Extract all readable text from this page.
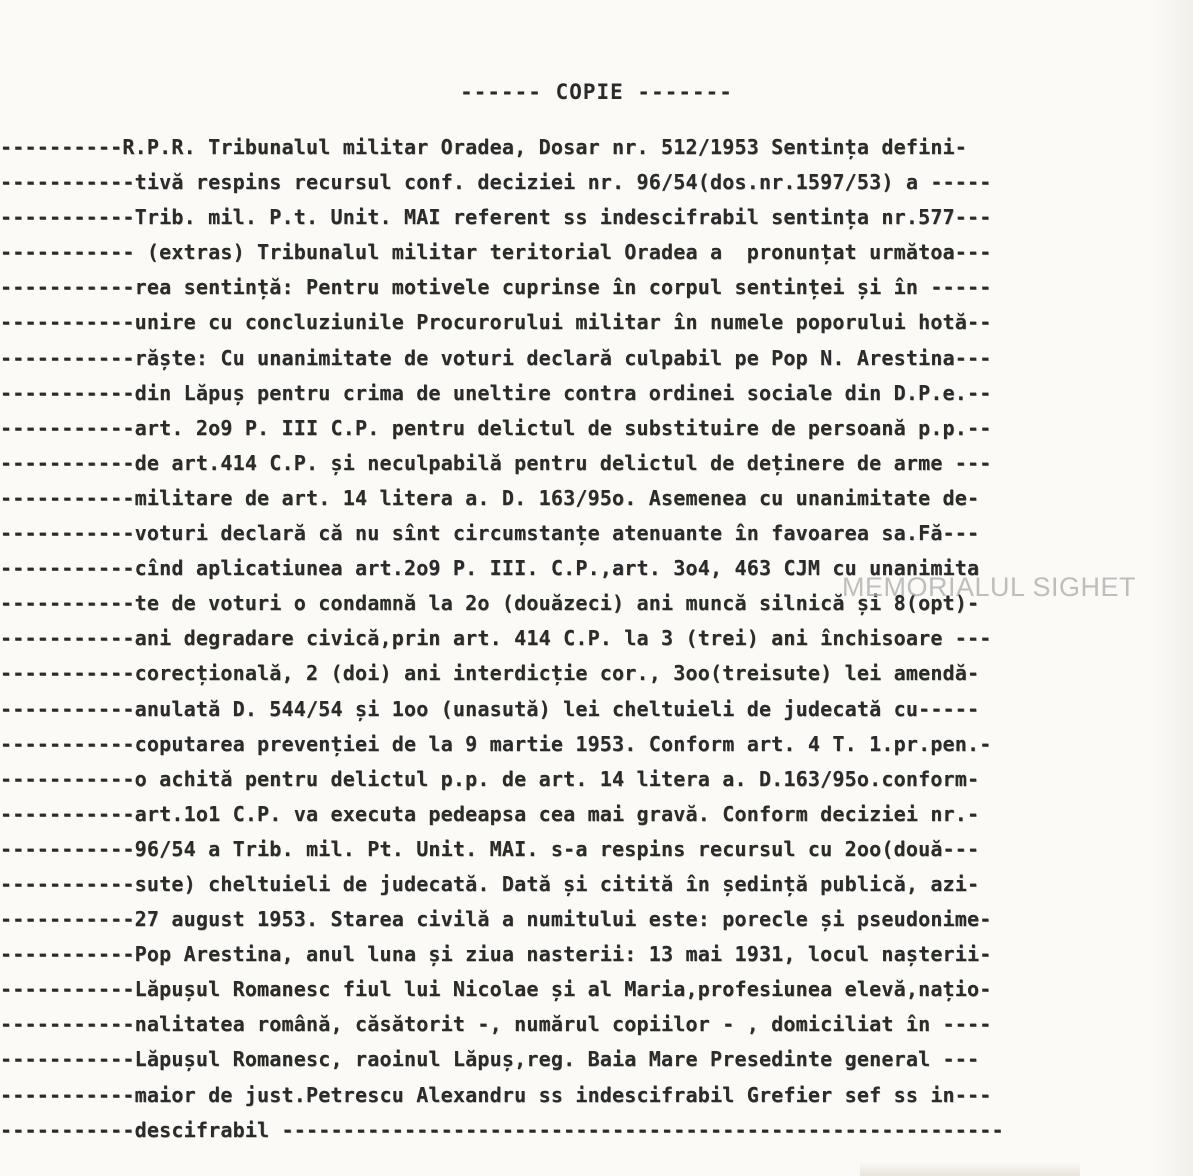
------ COPIE -------
----------R.P.R. Tribunalul militar Oradea, Dosar nr. 512/1953 Sentința defini-
-----------tivă respins recursul conf. deciziei nr. 96/54(dos.nr.1597/53) a -----
-----------Trib. mil. P.t. Unit. MAI referent ss indescifrabil sentința nr.577---
----------- (extras) Tribunalul militar teritorial Oradea a  pronunțat următoa---
-----------rea sentință: Pentru motivele cuprinse în corpul sentinței și în -----
-----------unire cu concluziunile Procurorului militar în numele poporului hotă--
-----------răște: Cu unanimitate de voturi declară culpabil pe Pop N. Arestina---
-----------din Lăpuș pentru crima de uneltire contra ordinei sociale din D.P.e.--
-----------art. 2o9 P. III C.P. pentru delictul de substituire de persoană p.p.--
-----------de art.414 C.P. și neculpabilă pentru delictul de deținere de arme ---
-----------militare de art. 14 litera a. D. 163/95o. Asemenea cu unanimitate de-
-----------voturi declară că nu sînt circumstanțe atenuante în favoarea sa.Fă---
-----------cînd aplicatiunea art.2o9 P. III. C.P.,art. 3o4, 463 CJM cu unanimita
-----------te de voturi o condamnă la 2o (douăzeci) ani muncă silnică și 8(opt)-
-----------ani degradare civică,prin art. 414 C.P. la 3 (trei) ani închisoare ---
-----------corecțională, 2 (doi) ani interdicție cor., 3oo(treisute) lei amendă-
-----------anulată D. 544/54 și 1oo (unasută) lei cheltuieli de judecată cu-----
-----------coputarea prevenției de la 9 martie 1953. Conform art. 4 T. 1.pr.pen.-
-----------o achită pentru delictul p.p. de art. 14 litera a. D.163/95o.conform-
-----------art.1o1 C.P. va executa pedeapsa cea mai gravă. Conform deciziei nr.-
-----------96/54 a Trib. mil. Pt. Unit. MAI. s-a respins recursul cu 2oo(două---
-----------sute) cheltuieli de judecată. Dată și citită în ședință publică, azi-
-----------27 august 1953. Starea civilă a numitului este: porecle și pseudonime-
-----------Pop Arestina, anul luna și ziua nasterii: 13 mai 1931, locul nașterii-
-----------Lăpușul Romanesc fiul lui Nicolae și al Maria,profesiunea elevă,națio-
-----------nalitatea română, căsătorit -, numărul copiilor - , domiciliat în ----
-----------Lăpușul Romanesc, raoinul Lăpuș,reg. Baia Mare Presedinte general ---
-----------maior de just.Petrescu Alexandru ss indescifrabil Grefier sef ss in---
-----------descifrabil -----------------------------------------------------------
MEMORIALUL SIGHET
